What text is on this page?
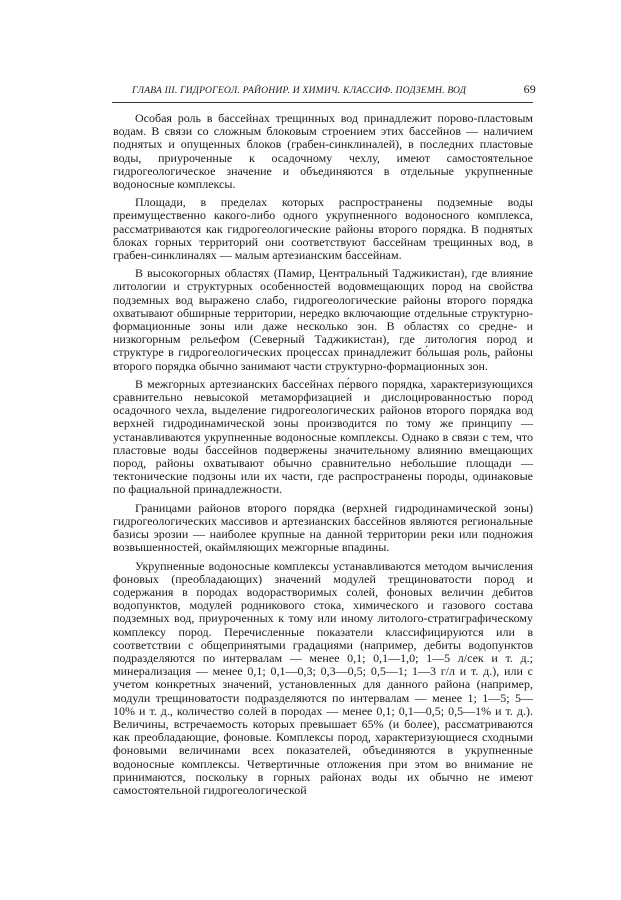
ГЛАВА III. ГИДРОГЕОЛ. РАЙОНИР. И ХИМИЧ. КЛАССИФ. ПОДЗЕМН. ВОД	69

Особая роль в бассейнах трещинных вод принадлежит порово-пластовым водам. В связи со сложным блоковым строением этих бассейнов — наличием поднятых и опущенных блоков (грабен-синклиналей), в последних пластовые воды, приуроченные к осадочному чехлу, имеют самостоятельное гидрогеологическое значение и объединяются в отдельные укрупненные водоносные комплексы.

Площади, в пределах которых распространены подземные воды преимущественно какого-либо одного укрупненного водоносного комплекса, рассматриваются как гидрогеологические районы второго порядка. В поднятых блоках горных территорий они соответствуют бассейнам трещинных вод, в грабен-синклиналях — малым артезианским бассейнам.

В высокогорных областях (Памир, Центральный Таджикистан), где влияние литологии и структурных особенностей водовмещающих пород на свойства подземных вод выражено слабо, гидрогеологические районы второго порядка охватывают обширные территории, нередко включающие отдельные структурно-формационные зоны или даже несколько зон. В областях со средне- и низкогорным рельефом (Северный Таджикистан), где литология пород и структуре в гидрогеологических процессах принадлежит бо́льшая роль, районы второго порядка обычно занимают части структурно-формационных зон.

В межгорных артезианских бассейнах пе́рвого порядка, характеризующихся сравнительно невысокой метаморфизацией и дислоцированностью пород осадочного чехла, выделение гидрогеологических районов второго порядка вод верхней гидродинамической зоны производится по тому же принципу — устанавливаются укрупненные водоносные комплексы. Однако в связи с тем, что пластовые воды бассейнов подвержены значительному влиянию вмещающих пород, районы охватывают обычно сравнительно небольшие площади — тектонические подзоны или их части, где распространены породы, одинаковые по фациальной принадлежности.

Границами районов второго порядка (верхней гидродинамической зоны) гидрогеологических массивов и артезианских бассейнов являются региональные базисы эрозии — наиболее крупные на данной территории реки или подножия возвышенностей, окаймляющих межгорные впадины.

Укрупненные водоносные комплексы устанавливаются методом вычисления фоновых (преобладающих) значений модулей трещиноватости пород и содержания в породах водорастворимых солей, фоновых величин дебитов водопунктов, модулей родникового стока, химического и газового состава подземных вод, приуроченных к тому или иному литолого-стратиграфическому комплексу пород. Перечисленные показатели классифицируются или в соответствии с общепринятыми градациями (например, дебиты водопунктов подразделяются по интервалам — менее 0,1; 0,1—1,0; 1—5 л/сек и т. д.; минерализация — менее 0,1; 0,1—0,3; 0,3—0,5; 0,5—1; 1—3 г/л и т. д.), или с учетом конкретных значений, установленных для данного района (например, модули трещиноватости подразделяются по интервалам — менее 1; 1—5; 5—10% и т. д., количество солей в породах — менее 0,1; 0,1—0,5; 0,5—1% и т. д.). Величины, встречаемость которых превышает 65% (и более), рассматриваются как преобладающие, фоновые. Комплексы пород, характеризующиеся сходными фоновыми величинами всех показателей, объединяются в укрупненные водоносные комплексы. Четвертичные отложения при этом во внимание не принимаются, поскольку в горных районах воды их обычно не имеют самостоятельной гидрогеологической
